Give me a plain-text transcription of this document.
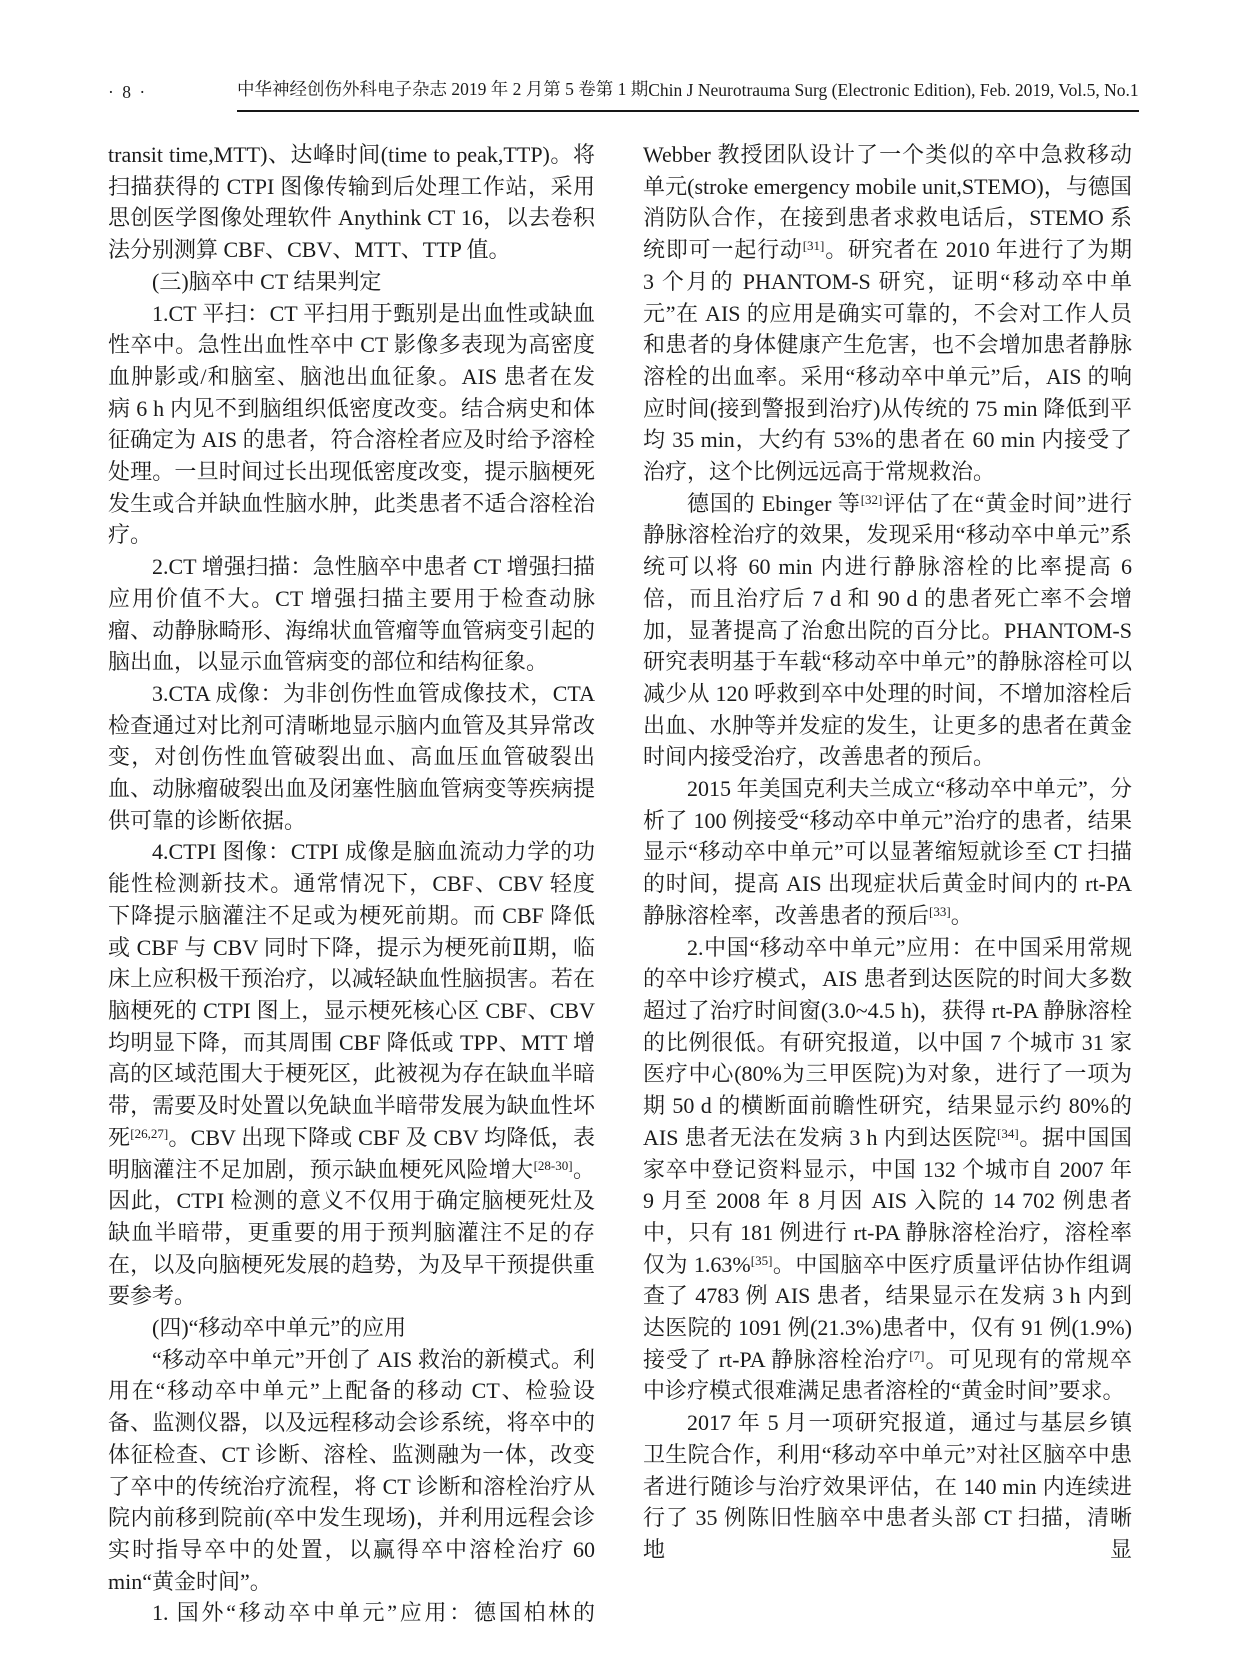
· 8 ·	中华神经创伤外科电子杂志 2019 年 2 月第 5 卷第 1 期 Chin J Neurotrauma Surg (Electronic Edition), Feb. 2019, Vol.5, No.1

transit time,MTT)、达峰时间(time to peak,TTP)。将扫描获得的 CTPI 图像传输到后处理工作站，采用思创医学图像处理软件 Anythink CT 16，以去卷积法分别测算 CBF、CBV、MTT、TTP 值。

(三)脑卒中 CT 结果判定

1.CT 平扫：CT 平扫用于甄别是出血性或缺血性卒中。急性出血性卒中 CT 影像多表现为高密度血肿影或/和脑室、脑池出血征象。AIS 患者在发病 6 h 内见不到脑组织低密度改变。结合病史和体征确定为 AIS 的患者，符合溶栓者应及时给予溶栓处理。一旦时间过长出现低密度改变，提示脑梗死发生或合并缺血性脑水肿，此类患者不适合溶栓治疗。

2.CT 增强扫描：急性脑卒中患者 CT 增强扫描应用价值不大。CT 增强扫描主要用于检查动脉瘤、动静脉畸形、海绵状血管瘤等血管病变引起的脑出血，以显示血管病变的部位和结构征象。

3.CTA 成像：为非创伤性血管成像技术，CTA 检查通过对比剂可清晰地显示脑内血管及其异常改变，对创伤性血管破裂出血、高血压血管破裂出血、动脉瘤破裂出血及闭塞性脑血管病变等疾病提供可靠的诊断依据。

4.CTPI 图像：CTPI 成像是脑血流动力学的功能性检测新技术。通常情况下，CBF、CBV 轻度下降提示脑灌注不足或为梗死前期。而 CBF 降低或 CBF 与 CBV 同时下降，提示为梗死前Ⅱ期，临床上应积极干预治疗，以减轻缺血性脑损害。若在脑梗死的 CTPI 图上，显示梗死核心区 CBF、CBV 均明显下降，而其周围 CBF 降低或 TPP、MTT 增高的区域范围大于梗死区，此被视为存在缺血半暗带，需要及时处置以免缺血半暗带发展为缺血性坏死[26,27]。CBV 出现下降或 CBF 及 CBV 均降低，表明脑灌注不足加剧，预示缺血梗死风险增大[28-30]。因此，CTPI 检测的意义不仅用于确定脑梗死灶及缺血半暗带，更重要的用于预判脑灌注不足的存在，以及向脑梗死发展的趋势，为及早干预提供重要参考。

(四)“移动卒中单元”的应用

“移动卒中单元”开创了 AIS 救治的新模式。利用在“移动卒中单元”上配备的移动 CT、检验设备、监测仪器，以及远程移动会诊系统，将卒中的体征检查、CT 诊断、溶栓、监测融为一体，改变了卒中的传统治疗流程，将 CT 诊断和溶栓治疗从院内前移到院前(卒中发生现场)，并利用远程会诊实时指导卒中的处置，以赢得卒中溶栓治疗 60 min“黄金时间”。

1. 国外“移动卒中单元”应用：德国柏林的

Webber 教授团队设计了一个类似的卒中急救移动单元(stroke emergency mobile unit,STEMO)，与德国消防队合作，在接到患者求救电话后，STEMO 系统即可一起行动[31]。研究者在 2010 年进行了为期 3 个月的 PHANTOM-S 研究，证明“移动卒中单元”在 AIS 的应用是确实可靠的，不会对工作人员和患者的身体健康产生危害，也不会增加患者静脉溶栓的出血率。采用“移动卒中单元”后，AIS 的响应时间(接到警报到治疗)从传统的 75 min 降低到平均 35 min，大约有 53%的患者在 60 min 内接受了治疗，这个比例远远高于常规救治。

德国的 Ebinger 等[32]评估了在“黄金时间”进行静脉溶栓治疗的效果，发现采用“移动卒中单元”系统可以将 60 min 内进行静脉溶栓的比率提高 6 倍，而且治疗后 7 d 和 90 d 的患者死亡率不会增加，显著提高了治愈出院的百分比。PHANTOM-S 研究表明基于车载“移动卒中单元”的静脉溶栓可以减少从 120 呼救到卒中处理的时间，不增加溶栓后出血、水肿等并发症的发生，让更多的患者在黄金时间内接受治疗，改善患者的预后。

2015 年美国克利夫兰成立“移动卒中单元”，分析了 100 例接受“移动卒中单元”治疗的患者，结果显示“移动卒中单元”可以显著缩短就诊至 CT 扫描的时间，提高 AIS 出现症状后黄金时间内的 rt-PA 静脉溶栓率，改善患者的预后[33]。

2.中国“移动卒中单元”应用：在中国采用常规的卒中诊疗模式，AIS 患者到达医院的时间大多数超过了治疗时间窗(3.0~4.5 h)，获得 rt-PA 静脉溶栓的比例很低。有研究报道，以中国 7 个城市 31 家医疗中心(80%为三甲医院)为对象，进行了一项为期 50 d 的横断面前瞻性研究，结果显示约 80%的 AIS 患者无法在发病 3 h 内到达医院[34]。据中国国家卒中登记资料显示，中国 132 个城市自 2007 年 9 月至 2008 年 8 月因 AIS 入院的 14 702 例患者中，只有 181 例进行 rt-PA 静脉溶栓治疗，溶栓率仅为 1.63%[35]。中国脑卒中医疗质量评估协作组调查了 4783 例 AIS 患者，结果显示在发病 3 h 内到达医院的 1091 例(21.3%)患者中，仅有 91 例(1.9%)接受了 rt-PA 静脉溶栓治疗[7]。可见现有的常规卒中诊疗模式很难满足患者溶栓的“黄金时间”要求。

2017 年 5 月一项研究报道，通过与基层乡镇卫生院合作，利用“移动卒中单元”对社区脑卒中患者进行随诊与治疗效果评估，在 140 min 内连续进行了 35 例陈旧性脑卒中患者头部 CT 扫描，清晰地显
